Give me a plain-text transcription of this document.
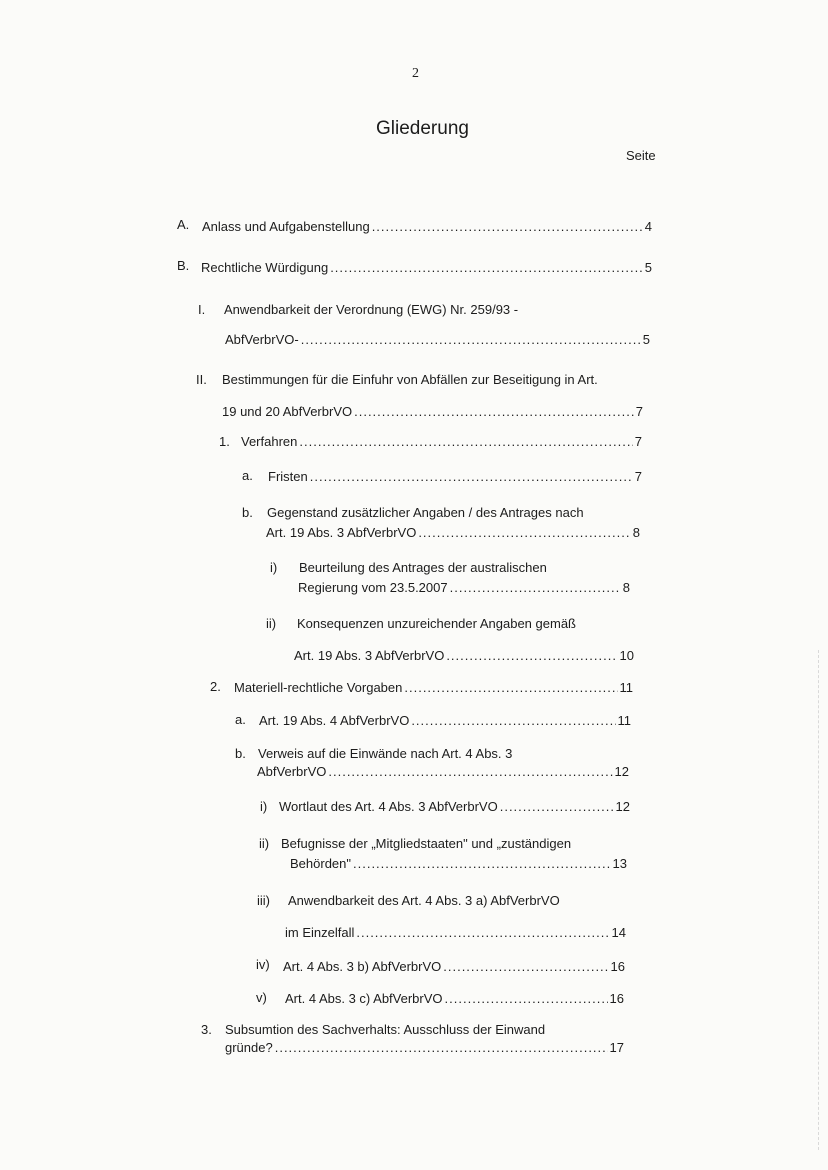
2
Gliederung
Seite
A. Anlass und Aufgabenstellung .....	4
B. Rechtliche Würdigung .....	5
I. Anwendbarkeit der Verordnung (EWG) Nr. 259/93 -
AbfVerbrVO- .....	5
II. Bestimmungen für die Einfuhr von Abfällen zur Beseitigung in Art.
19 und 20 AbfVerbrVO .....	7
1. Verfahren .....	7
a. Fristen .....	7
b. Gegenstand zusätzlicher Angaben / des Antrages nach
Art. 19 Abs. 3 AbfVerbrVO .....	8
i) Beurteilung des Antrages der australischen
Regierung vom 23.5.2007 .....	8
ii) Konsequenzen unzureichender Angaben gemäß
Art. 19 Abs. 3 AbfVerbrVO .....	10
2. Materiell-rechtliche Vorgaben .....	11
a. Art. 19 Abs. 4 AbfVerbrVO .....	11
b. Verweis auf die Einwände nach Art. 4 Abs. 3
AbfVerbrVO .....	12
i) Wortlaut des Art. 4 Abs. 3 AbfVerbrVO .....	12
ii) Befugnisse der „Mitgliedstaaten" und „zuständigen
Behörden" .....	13
iii) Anwendbarkeit des Art. 4 Abs. 3 a) AbfVerbrVO
im Einzelfall .....	14
iv) Art. 4 Abs. 3 b) AbfVerbrVO .....	16
v) Art. 4 Abs. 3 c) AbfVerbrVO .....	16
3. Subsumtion des Sachverhalts: Ausschluss der Einwand
gründe? .....	17
